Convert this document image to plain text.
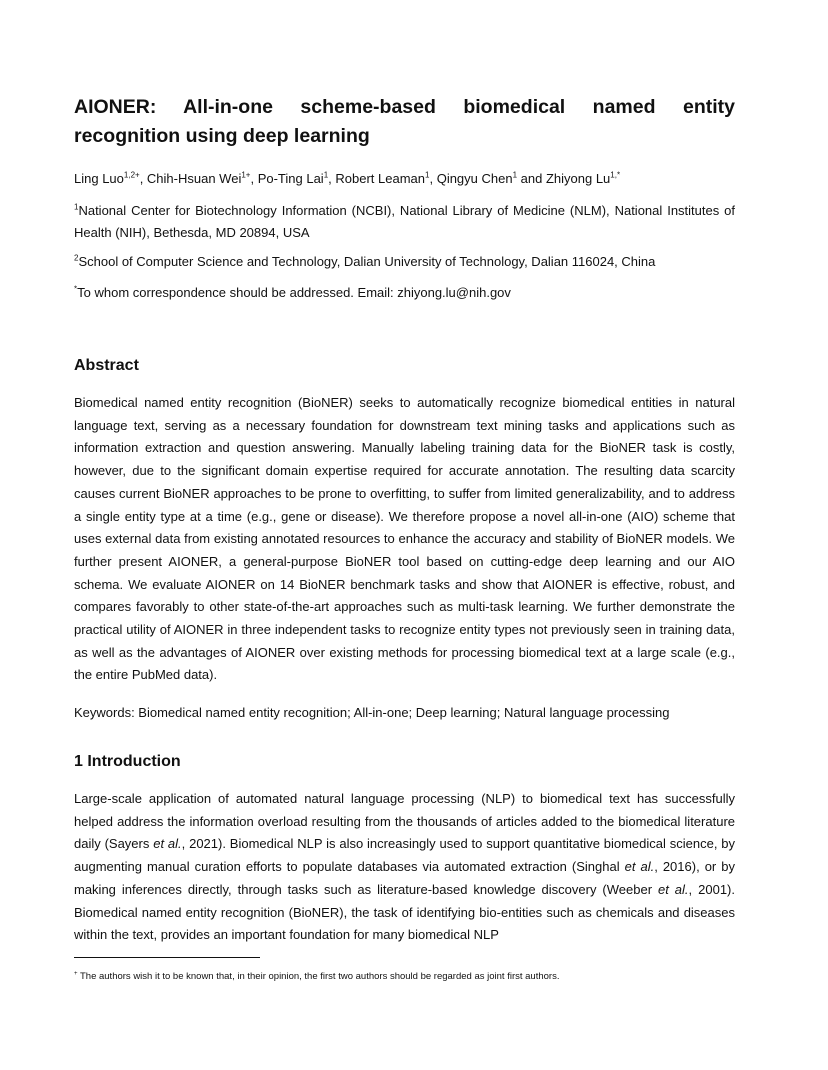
AIONER: All-in-one scheme-based biomedical named entity recognition using deep learning
Ling Luo$^{1,2+}$, Chih-Hsuan Wei$^{1+}$, Po-Ting Lai$^1$, Robert Leaman$^1$, Qingyu Chen$^1$ and Zhiyong $Lu^{1,*}$
$^1$National Center for Biotechnology Information (NCBI), National Library of Medicine (NLM), National Institutes of Health (NIH), Bethesda, MD 20894, USA
$^2$School of Computer Science and Technology, Dalian University of Technology, Dalian 116024, China
*To whom correspondence should be addressed. Email: zhiyong.lu@nih.gov
Abstract
Biomedical named entity recognition (BioNER) seeks to automatically recognize biomedical entities in natural language text, serving as a necessary foundation for downstream text mining tasks and applications such as information extraction and question answering. Manually labeling training data for the BioNER task is costly, however, due to the significant domain expertise required for accurate annotation. The resulting data scarcity causes current BioNER approaches to be prone to overfitting, to suffer from limited generalizability, and to address a single entity type at a time (e.g., gene or disease). We therefore propose a novel all-in-one (AIO) scheme that uses external data from existing annotated resources to enhance the accuracy and stability of BioNER models. We further present AIONER, a general-purpose BioNER tool based on cutting-edge deep learning and our AIO schema. We evaluate AIONER on 14 BioNER benchmark tasks and show that AIONER is effective, robust, and compares favorably to other state-of-the-art approaches such as multi-task learning. We further demonstrate the practical utility of AIONER in three independent tasks to recognize entity types not previously seen in training data, as well as the advantages of AIONER over existing methods for processing biomedical text at a large scale (e.g., the entire PubMed data).
Keywords: Biomedical named entity recognition; All-in-one; Deep learning; Natural language processing
1 Introduction
Large-scale application of automated natural language processing (NLP) to biomedical text has successfully helped address the information overload resulting from the thousands of articles added to the biomedical literature daily (Sayers et al., 2021). Biomedical NLP is also increasingly used to support quantitative biomedical science, by augmenting manual curation efforts to populate databases via automated extraction (Singhal et al., 2016), or by making inferences directly, through tasks such as literature-based knowledge discovery (Weeber et al., 2001). Biomedical named entity recognition (BioNER), the task of identifying bio-entities such as chemicals and diseases within the text, provides an important foundation for many biomedical NLP
+ The authors wish it to be known that, in their opinion, the first two authors should be regarded as joint first authors.
